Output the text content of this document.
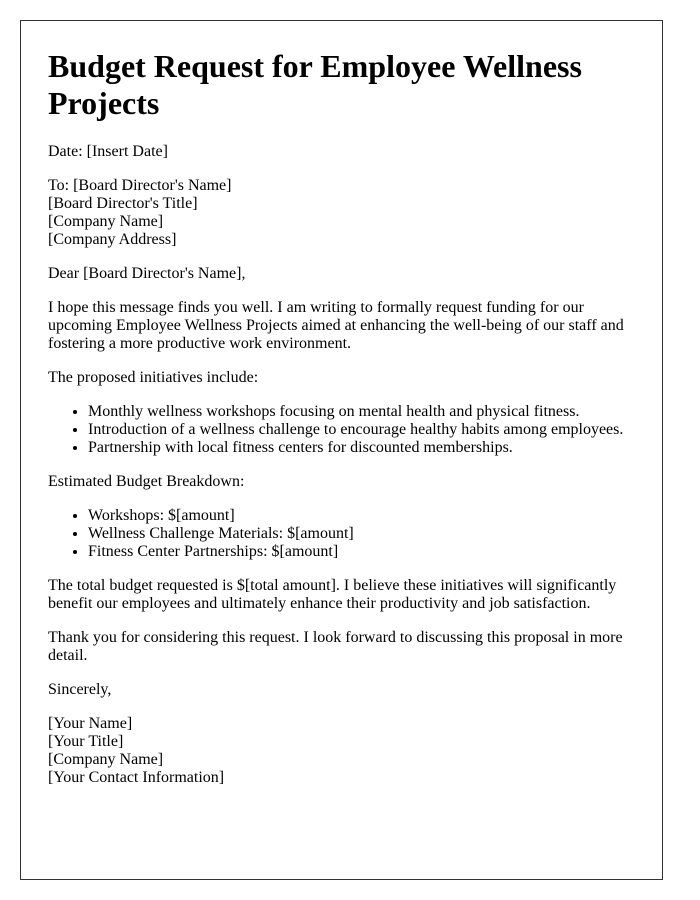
Budget Request for Employee Wellness Projects

Date: [Insert Date]

To: [Board Director's Name]
[Board Director's Title]
[Company Name]
[Company Address]

Dear [Board Director's Name],

I hope this message finds you well. I am writing to formally request funding for our upcoming Employee Wellness Projects aimed at enhancing the well-being of our staff and fostering a more productive work environment.

The proposed initiatives include:

• Monthly wellness workshops focusing on mental health and physical fitness.
• Introduction of a wellness challenge to encourage healthy habits among employees.
• Partnership with local fitness centers for discounted memberships.

Estimated Budget Breakdown:

• Workshops: $[amount]
• Wellness Challenge Materials: $[amount]
• Fitness Center Partnerships: $[amount]

The total budget requested is $[total amount]. I believe these initiatives will significantly benefit our employees and ultimately enhance their productivity and job satisfaction.

Thank you for considering this request. I look forward to discussing this proposal in more detail.

Sincerely,

[Your Name]
[Your Title]
[Company Name]
[Your Contact Information]
